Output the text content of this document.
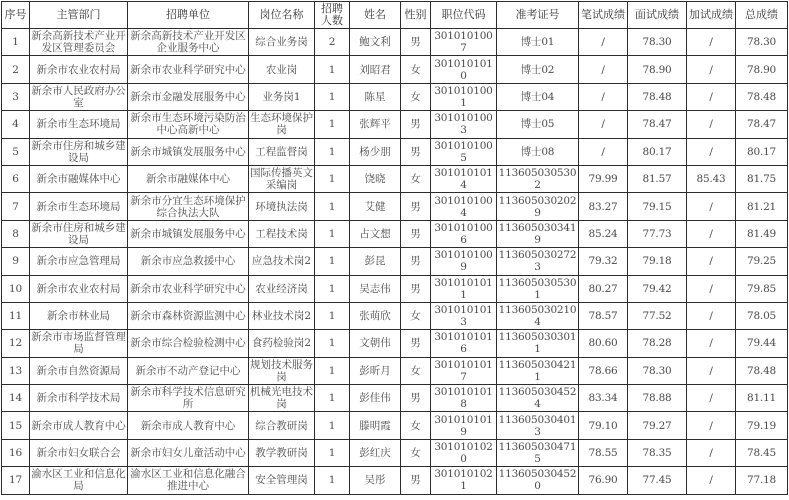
序号	主管部门	招聘单位	岗位名称	招聘人数	姓名	性别	职位代码	准考证号	笔试成绩	面试成绩	加试成绩	总成绩
1	新余高新技术产业开发区管理委员会	新余高新技术产业开发区企业服务中心	综合业务岗	2	鲍文利	男	3010101007	博士01	/	78.30	/	78.30
2	新余市农业农村局	新余市农业科学研究中心	农业岗	1	刘昭君	女	3010101010	博士02	/	78.90	/	78.90
3	新余市人民政府办公室	新余市金融发展服务中心	业务岗1	1	陈星	女	3010101001	博士04	/	78.48	/	78.48
4	新余市生态环境局	新余市生态环境污染防治中心高新中心	生态环境保护岗	1	张辉平	男	3010101003	博士05	/	78.47	/	78.47
5	新余市住房和城乡建设局	新余市城镇发展服务中心	工程监督岗	1	杨少朋	男	3010101005	博士08	/	80.17	/	80.17
6	新余市融媒体中心	新余市融媒体中心	国际传播英文采编岗	1	饶晓	女	3010101014	1136050305302	79.99	81.57	85.43	81.75
7	新余市生态环境局	新余市分宜生态环境保护综合执法大队	环境执法岗	1	艾健	男	3010101004	1136050302029	83.27	79.15	/	81.21
8	新余市住房和城乡建设局	新余市城镇发展服务中心	工程技术岗	1	占文想	男	3010101006	1136050303419	85.24	77.73	/	81.49
9	新余市应急管理局	新余市应急救援中心	应急技术岗2	1	彭昆	男	3010101009	1136050302723	79.32	79.18	/	79.25
10	新余市农业农村局	新余市农业科学研究中心	农业经济岗	1	吴志伟	男	3010101011	1136050305301	80.27	79.42	/	79.85
11	新余市林业局	新余市森林资源监测中心	林业技术岗2	1	张萌欣	女	3010101013	1136050302104	78.57	77.52	/	78.05
12	新余市市场监督管理局	新余市综合检验检测中心	食药检验岗2	1	文朝伟	男	3010101016	1136050303011	80.60	78.28	/	79.44
13	新余市自然资源局	新余市不动产登记中心	规划技术服务岗	1	彭昕月	女	3010101017	1136050304211	78.66	78.30	/	78.48
14	新余市科学技术局	新余市科学技术信息研究所	机械光电技术岗	1	彭佳伟	男	3010101018	1136050304524	83.34	78.88	/	81.11
15	新余市成人教育中心	新余市成人教育中心	综合教研岗	1	滕明霞	女	3010101019	1136050304013	79.10	79.27	/	79.19
16	新余市妇女联合会	新余市妇女儿童活动中心	教学教研岗	1	彭红庆	女	3010101020	1136050304715	78.55	78.35	/	78.45
17	渝水区工业和信息化局	渝水区工业和信息化融合推进中心	安全管理岗	1	吴彤	男	3010101021	1136050304520	76.90	77.45	/	77.18
